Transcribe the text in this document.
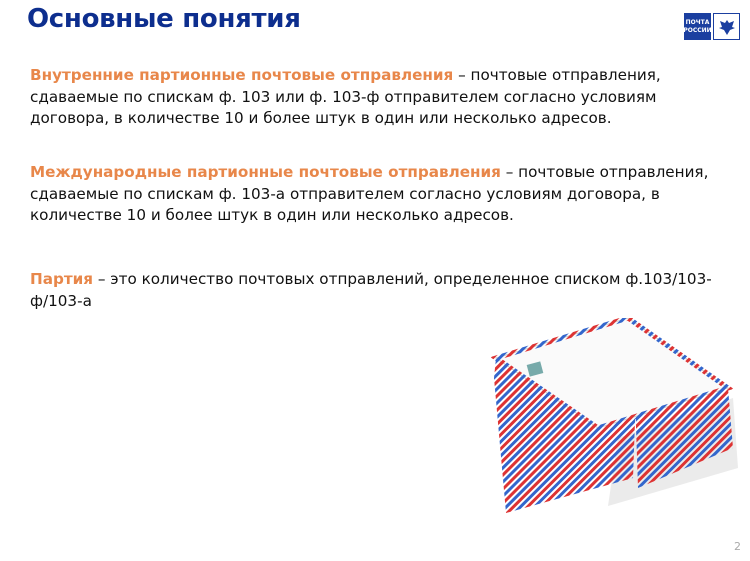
Основные понятия	ПОЧТА
РОССИИ
Внутренние партионные почтовые отправления – почтовые отправления, сдаваемые по спискам ф. 103 или ф. 103-ф отправителем согласно условиям договора, в количестве 10 и более штук в один или несколько адресов.
Международные партионные почтовые отправления – почтовые отправления, сдаваемые по спискам ф. 103-а отправителем согласно условиям договора, в количестве 10 и более штук в один или несколько адресов.
Партия – это количество почтовых отправлений, определенное списком ф.103/103-ф/103-а
2
